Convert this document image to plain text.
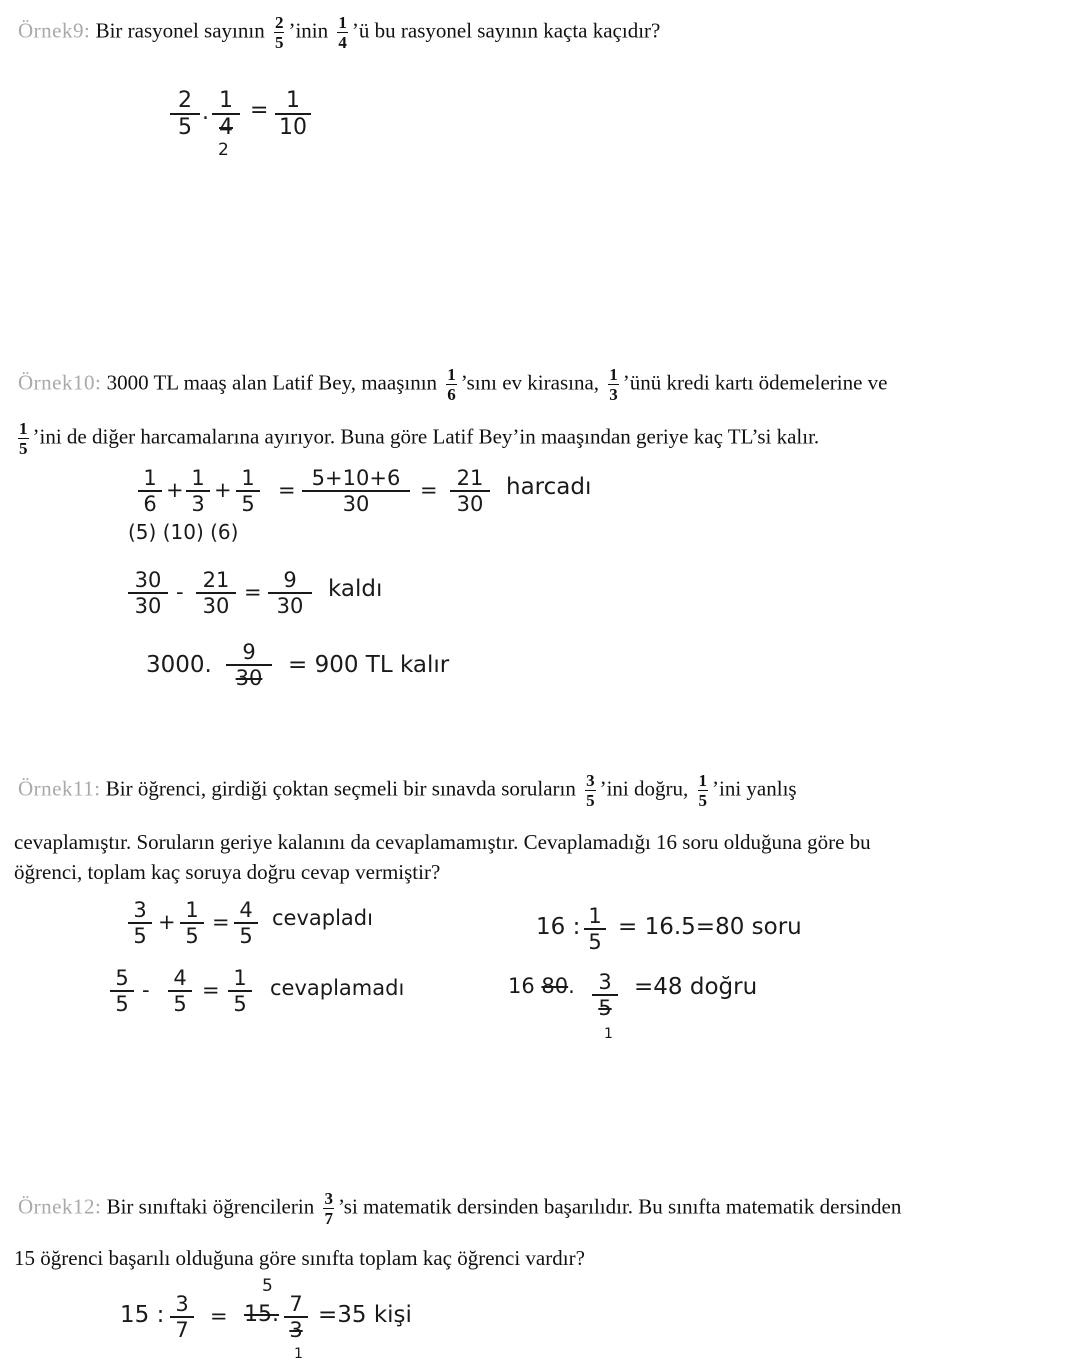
Örnek9: Bir rasyonel sayının $\frac{2}{5}$ ’inin $\frac{1}{4}$ ’ü bu rasyonel sayının kaçta kaçıdır?
2
5
. 1
4
2
= 1
10
Örnek10: 3000 TL maaş alan Latif Bey, maaşının $\frac{1}{6}$ ’sını ev kirasına, $\frac{1}{3}$ ’ünü kredi kartı ödemelerine ve
$\frac{1}{5}$ ’ini de diğer harcamalarına ayırıyor. Buna göre Latif Bey’in maaşından geriye kaç TL’si kalır.
1
6
+ 1
3
+ 1
5
= 5+10+6
30
= 21
30
harcadı
(5) (10) (6)
30
30
- 21
30
=	9
30
kaldı
3000.	9
30	= 900 TL kalır
Örnek11: Bir öğrenci, girdiği çoktan seçmeli bir sınavda soruların $\frac{3}{5}$ ’ini doğru, $\frac{1}{5}$ ’ini yanlış
cevaplamıştır. Soruların geriye kalanını da cevaplamamıştır. Cevaplamadığı 16 soru olduğuna göre bu
öğrenci, toplam kaç soruya doğru cevap vermiştir?
3
5
+ 1
5
= 4
5
cevapladı
5
5
- 4
5
= 1
5
cevaplamadı
16 : 1
5
= 16.5=80 soru
16 80.	3
5
1
=48 doğru
Örnek12: Bir sınıftaki öğrencilerin $\frac{3}{7}$ ’si matematik dersinden başarılıdır. Bu sınıfta matematik dersinden
15 öğrenci başarılı olduğuna göre sınıfta toplam kaç öğrenci vardır?
15 : 3
7
=
5
15. 7
3
1
=35 kişi
